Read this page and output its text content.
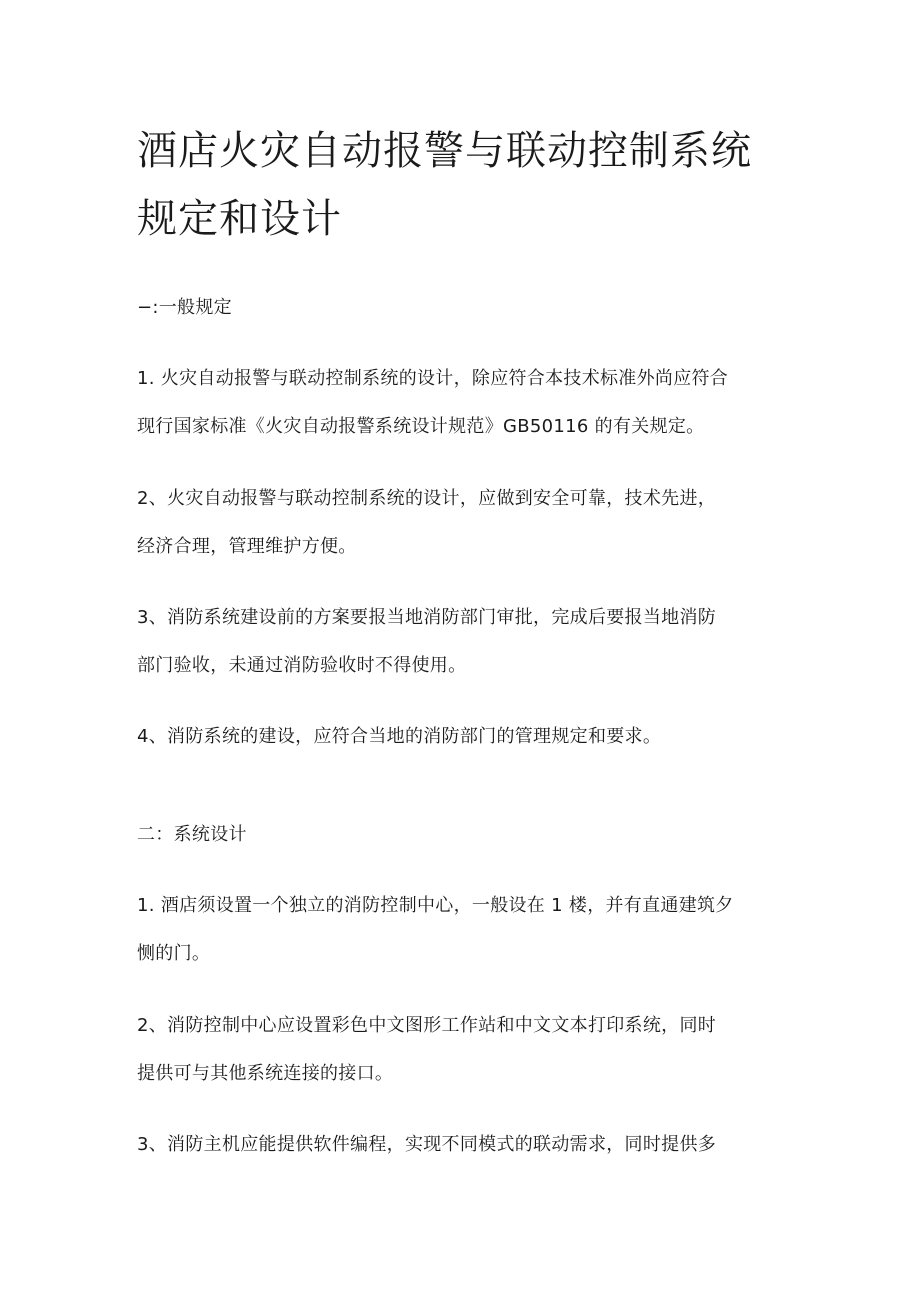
酒店火灾自动报警与联动控制系统
规定和设计

−:一般规定

1. 火灾自动报警与联动控制系统的设计，除应符合本技术标准外尚应符合

现行国家标准《火灾自动报警系统设计规范》GB50116 的有关规定。

2、火灾自动报警与联动控制系统的设计，应做到安全可靠，技术先进，

经济合理，管理维护方便。

3、消防系统建设前的方案要报当地消防部门审批，完成后要报当地消防

部门验收，未通过消防验收时不得使用。

4、消防系统的建设，应符合当地的消防部门的管理规定和要求。

二：系统设计

1. 酒店须设置一个独立的消防控制中心，一般设在 1 楼，并有直通建筑夕

恻的门。

2、消防控制中心应设置彩色中文图形工作站和中文文本打印系统，同时

提供可与其他系统连接的接口。

3、消防主机应能提供软件编程，实现不同模式的联动需求，同时提供多
